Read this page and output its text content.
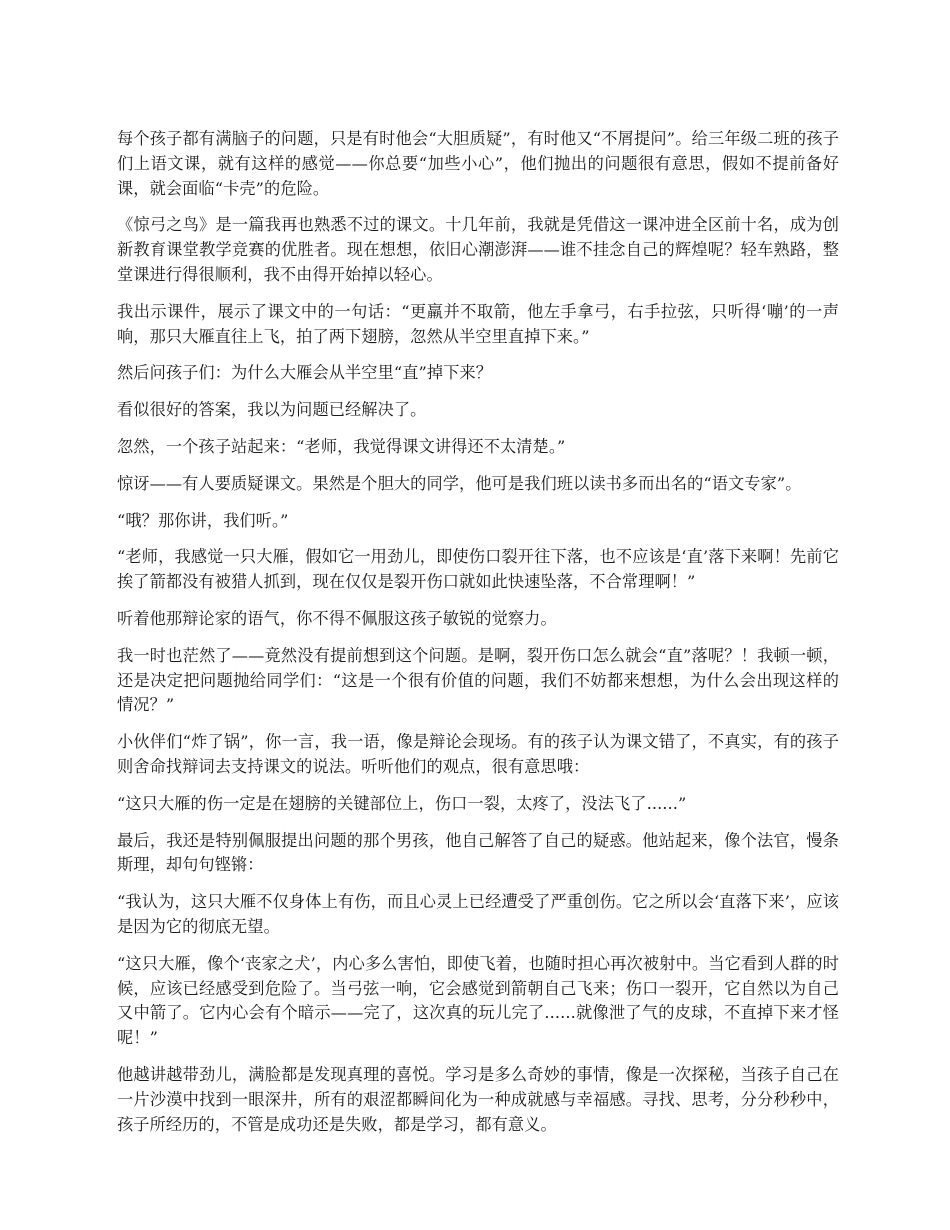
每个孩子都有满脑子的问题，只是有时他会“大胆质疑”，有时他又“不屑提问”。给三年级二班的孩子们上语文课，就有这样的感觉——你总要“加些小心”，他们抛出的问题很有意思，假如不提前备好课，就会面临“卡壳”的危险。

《惊弓之鸟》是一篇我再也熟悉不过的课文。十几年前，我就是凭借这一课冲进全区前十名，成为创新教育课堂教学竞赛的优胜者。现在想想，依旧心潮澎湃——谁不挂念自己的辉煌呢？轻车熟路，整堂课进行得很顺利，我不由得开始掉以轻心。

我出示课件，展示了课文中的一句话：“更羸并不取箭，他左手拿弓，右手拉弦，只听得‘嘣’的一声响，那只大雁直往上飞，拍了两下翅膀，忽然从半空里直掉下来。”

然后问孩子们：为什么大雁会从半空里“直”掉下来？

看似很好的答案，我以为问题已经解决了。

忽然，一个孩子站起来：“老师，我觉得课文讲得还不太清楚。”

惊讶——有人要质疑课文。果然是个胆大的同学，他可是我们班以读书多而出名的“语文专家”。

“哦？那你讲，我们听。”

“老师，我感觉一只大雁，假如它一用劲儿，即使伤口裂开往下落，也不应该是‘直’落下来啊！先前它挨了箭都没有被猎人抓到，现在仅仅是裂开伤口就如此快速坠落，不合常理啊！”

听着他那辩论家的语气，你不得不佩服这孩子敏锐的觉察力。

我一时也茫然了——竟然没有提前想到这个问题。是啊，裂开伤口怎么就会“直”落呢？！我顿一顿，还是决定把问题抛给同学们：“这是一个很有价值的问题，我们不妨都来想想，为什么会出现这样的情况？”

小伙伴们“炸了锅”，你一言，我一语，像是辩论会现场。有的孩子认为课文错了，不真实，有的孩子则舍命找辩词去支持课文的说法。听听他们的观点，很有意思哦：

“这只大雁的伤一定是在翅膀的关键部位上，伤口一裂，太疼了，没法飞了......”

最后，我还是特别佩服提出问题的那个男孩，他自己解答了自己的疑惑。他站起来，像个法官，慢条斯理，却句句铿锵：

“我认为，这只大雁不仅身体上有伤，而且心灵上已经遭受了严重创伤。它之所以会‘直落下来’，应该是因为它的彻底无望。

“这只大雁，像个‘丧家之犬’，内心多么害怕，即使飞着，也随时担心再次被射中。当它看到人群的时候，应该已经感受到危险了。当弓弦一响，它会感觉到箭朝自己飞来；伤口一裂开，它自然以为自己又中箭了。它内心会有个暗示——完了，这次真的玩儿完了......就像泄了气的皮球，不直掉下来才怪呢！”

他越讲越带劲儿，满脸都是发现真理的喜悦。学习是多么奇妙的事情，像是一次探秘，当孩子自己在一片沙漠中找到一眼深井，所有的艰涩都瞬间化为一种成就感与幸福感。寻找、思考，分分秒秒中，孩子所经历的，不管是成功还是失败，都是学习，都有意义。
